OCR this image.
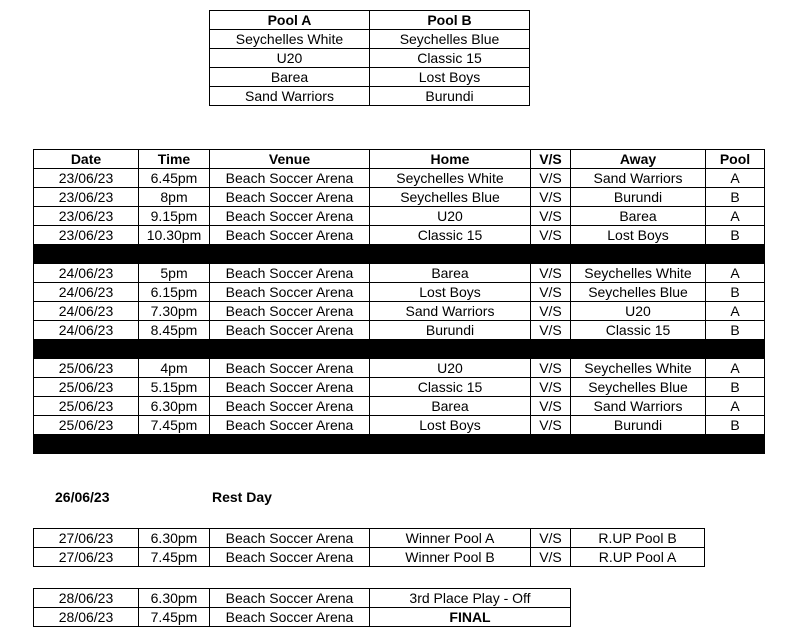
Pool A	Pool B
Seychelles White	Seychelles Blue
U20	Classic 15
Barea	Lost Boys
Sand Warriors	Burundi
Date	Time	Venue	Home	V/S	Away	Pool
23/06/23	6.45pm	Beach Soccer Arena	Seychelles White	V/S	Sand Warriors	A
23/06/23	8pm	Beach Soccer Arena	Seychelles Blue	V/S	Burundi	B
23/06/23	9.15pm	Beach Soccer Arena	U20	V/S	Barea	A
23/06/23	10.30pm	Beach Soccer Arena	Classic 15	V/S	Lost Boys	B

24/06/23	5pm	Beach Soccer Arena	Barea	V/S	Seychelles White	A
24/06/23	6.15pm	Beach Soccer Arena	Lost Boys	V/S	Seychelles Blue	B
24/06/23	7.30pm	Beach Soccer Arena	Sand Warriors	V/S	U20	A
24/06/23	8.45pm	Beach Soccer Arena	Burundi	V/S	Classic 15	B

25/06/23	4pm	Beach Soccer Arena	U20	V/S	Seychelles White	A
25/06/23	5.15pm	Beach Soccer Arena	Classic 15	V/S	Seychelles Blue	B
25/06/23	6.30pm	Beach Soccer Arena	Barea	V/S	Sand Warriors	A
25/06/23	7.45pm	Beach Soccer Arena	Lost Boys	V/S	Burundi	B

26/06/23	Rest Day
27/06/23	6.30pm	Beach Soccer Arena	Winner Pool A	V/S	R.UP Pool B
27/06/23	7.45pm	Beach Soccer Arena	Winner Pool B	V/S	R.UP Pool A
28/06/23	6.30pm	Beach Soccer Arena	3rd Place Play - Off
28/06/23	7.45pm	Beach Soccer Arena	FINAL
